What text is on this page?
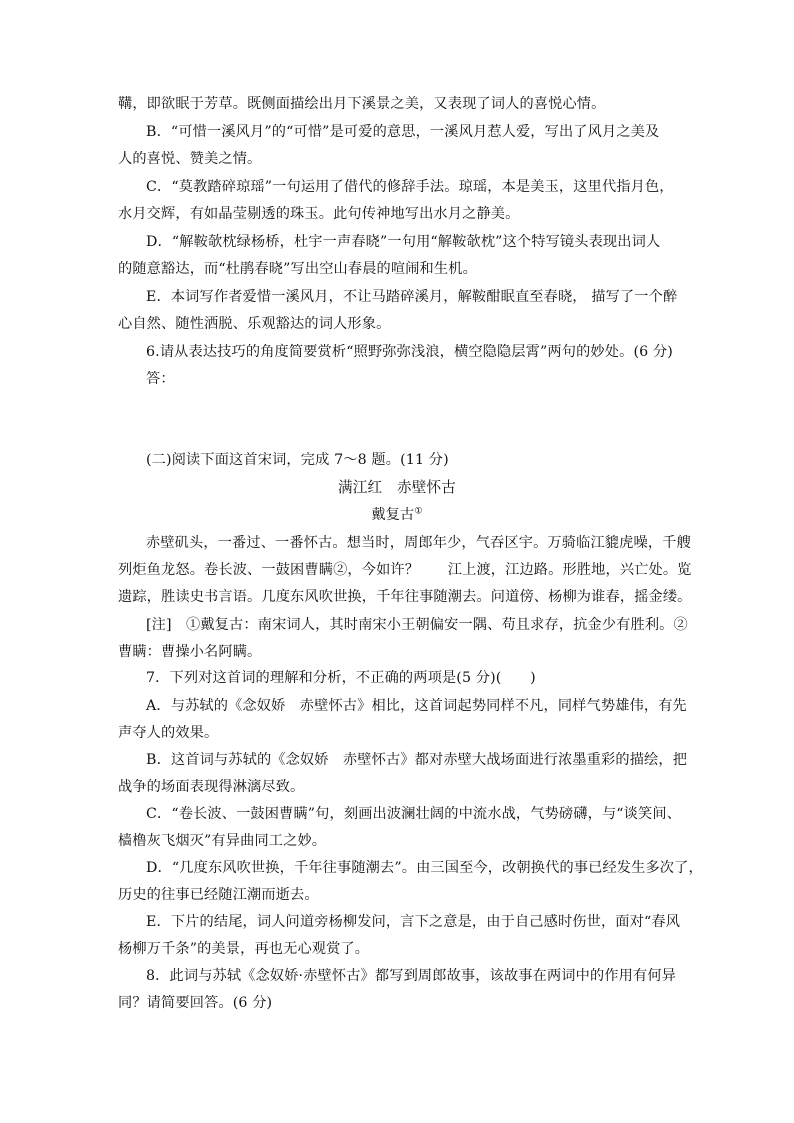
鞲，即欲眠于芳草。既侧面描绘出月下溪景之美，又表现了词人的喜悦心情。
B．“可惜一溪风月”的“可惜”是可爱的意思，一溪风月惹人爱，写出了风月之美及
人的喜悦、赞美之情。
C．“莫教踏碎琼瑶”一句运用了借代的修辞手法。琼瑶，本是美玉，这里代指月色，
水月交辉，有如晶莹剔透的珠玉。此句传神地写出水月之静美。
D．“解鞍欹枕绿杨桥，杜宇一声春晓”一句用“解鞍欹枕”这个特写镜头表现出词人
的随意豁达，而“杜鹃春晓”写出空山春晨的喧闹和生机。
E．本词写作者爱惜一溪风月，不让马踏碎溪月，解鞍酣眠直至春晓， 描写了一个醉
心自然、随性洒脱、乐观豁达的词人形象。
6.请从表达技巧的角度简要赏析“照野弥弥浅浪，横空隐隐层霄”两句的妙处。(6 分)
答：
(二)阅读下面这首宋词，完成 7～8 题。(11 分)
满江红　赤壁怀古
戴复古①
赤壁矶头，一番过、一番怀古。想当时，周郎年少，气吞区宇。万骑临江貔虎噪，千艘
列炬鱼龙怒。卷长波、一鼓困曹瞒②，今如许？　　江上渡，江边路。形胜地，兴亡处。览
遗踪，胜读史书言语。几度东风吹世换，千年往事随潮去。问道傍、杨柳为谁春，摇金缕。
[注]　①戴复古：南宋词人，其时南宋小王朝偏安一隅、苟且求存，抗金少有胜利。②
曹瞒：曹操小名阿瞒。
7．下列对这首词的理解和分析，不正确的两项是(5 分)(　　)
A．与苏轼的《念奴娇　赤壁怀古》相比，这首词起势同样不凡，同样气势雄伟，有先
声夺人的效果。
B．这首词与苏轼的《念奴娇　赤壁怀古》都对赤壁大战场面进行浓墨重彩的描绘，把
战争的场面表现得淋漓尽致。
C．“卷长波、一鼓困曹瞒”句，刻画出波澜壮阔的中流水战，气势磅礴，与“谈笑间、
樯橹灰飞烟灭”有异曲同工之妙。
D．“几度东风吹世换，千年往事随潮去”。由三国至今，改朝换代的事已经发生多次了，
历史的往事已经随江潮而逝去。
E．下片的结尾，词人问道旁杨柳发问，言下之意是，由于自己感时伤世，面对“春风
杨柳万千条”的美景，再也无心观赏了。
8．此词与苏轼《念奴娇·赤壁怀古》都写到周郎故事，该故事在两词中的作用有何异
同？请简要回答。(6 分)
